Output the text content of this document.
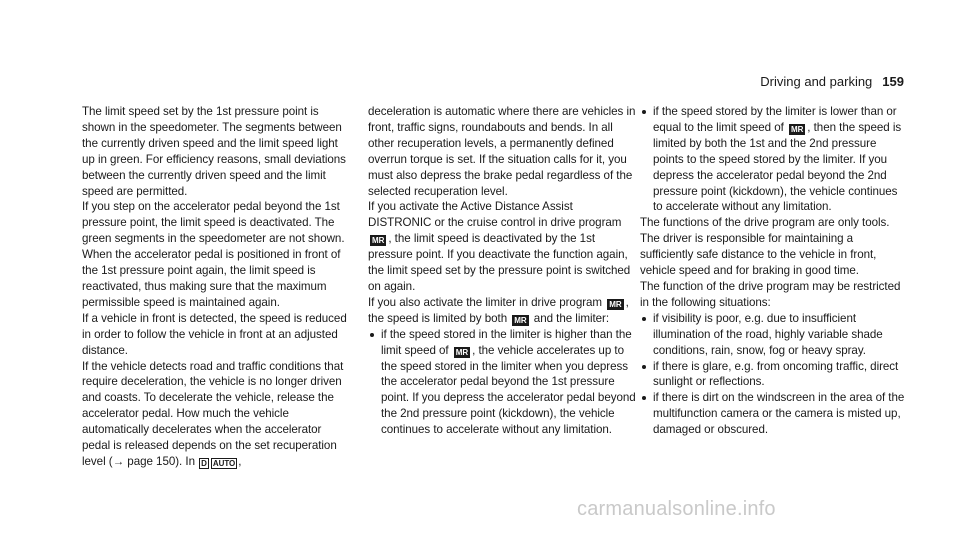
Driving and parking 159

The limit speed set by the 1st pressure point is shown in the speedometer. The segments between the currently driven speed and the limit speed light up in green. For efficiency reasons, small deviations between the currently driven speed and the limit speed are permitted.

If you step on the accelerator pedal beyond the 1st pressure point, the limit speed is deactivated. The green segments in the speedometer are not shown. When the accelerator pedal is positioned in front of the 1st pressure point again, the limit speed is reactivated, thus making sure that the maximum permissible speed is maintained again.

If a vehicle in front is detected, the speed is reduced in order to follow the vehicle in front at an adjusted distance.

If the vehicle detects road and traffic conditions that require deceleration, the vehicle is no longer driven and coasts. To decelerate the vehicle, release the accelerator pedal. How much the vehicle automatically decelerates when the accelerator pedal is released depends on the set recuperation level (→ page 150). In D AUTO ,

deceleration is automatic where there are vehicles in front, traffic signs, roundabouts and bends. In all other recuperation levels, a permanently defined overrun torque is set. If the situation calls for it, you must also depress the brake pedal regardless of the selected recuperation level.

If you activate the Active Distance Assist DISTRONIC or the cruise control in drive program MR , the limit speed is deactivated by the 1st pressure point. If you deactivate the function again, the limit speed set by the pressure point is switched on again.

If you also activate the limiter in drive program MR , the speed is limited by both MR and the limiter:

if the speed stored in the limiter is higher than the limit speed of MR , the vehicle accelerates up to the speed stored in the limiter when you depress the accelerator pedal beyond the 1st pressure point. If you depress the accelerator pedal beyond the 2nd pressure point (kickdown), the vehicle continues to accelerate without any limitation.
if the speed stored by the limiter is lower than or equal to the limit speed of MR , then the speed is limited by both the 1st and the 2nd pressure points to the speed stored by the limiter. If you depress the accelerator pedal beyond the 2nd pressure point (kickdown), the vehicle continues to accelerate without any limitation.

The functions of the drive program are only tools. The driver is responsible for maintaining a sufficiently safe distance to the vehicle in front, vehicle speed and for braking in good time.

The function of the drive program may be restricted in the following situations:

if visibility is poor, e.g. due to insufficient illumination of the road, highly variable shade conditions, rain, snow, fog or heavy spray.
if there is glare, e.g. from oncoming traffic, direct sunlight or reflections.
if there is dirt on the windscreen in the area of the multifunction camera or the camera is misted up, damaged or obscured.
carmanualsonline.info
